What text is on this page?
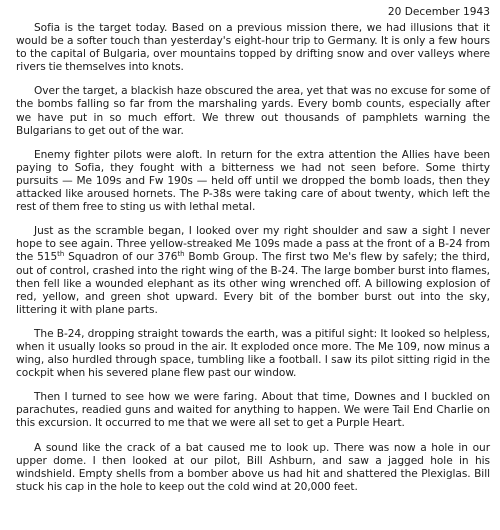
20 December 1943

Sofia is the target today. Based on a previous mission there, we had illusions that it would be a softer touch than yesterday's eight-hour trip to Germany. It is only a few hours to the capital of Bulgaria, over mountains topped by drifting snow and over valleys where rivers tie themselves into knots.

Over the target, a blackish haze obscured the area, yet that was no excuse for some of the bombs falling so far from the marshaling yards. Every bomb counts, especially after we have put in so much effort. We threw out thousands of pamphlets warning the Bulgarians to get out of the war.

Enemy fighter pilots were aloft. In return for the extra attention the Allies have been paying to Sofia, they fought with a bitterness we had not seen before. Some thirty pursuits — Me 109s and Fw 190s — held off until we dropped the bomb loads, then they attacked like aroused hornets. The P-38s were taking care of about twenty, which left the rest of them free to sting us with lethal metal.

Just as the scramble began, I looked over my right shoulder and saw a sight I never hope to see again. Three yellow-streaked Me 109s made a pass at the front of a B-24 from the 515th Squadron of our 376th Bomb Group. The first two Me's flew by safely; the third, out of control, crashed into the right wing of the B-24. The large bomber burst into flames, then fell like a wounded elephant as its other wing wrenched off. A billowing explosion of red, yellow, and green shot upward. Every bit of the bomber burst out into the sky, littering it with plane parts.

The B-24, dropping straight towards the earth, was a pitiful sight: It looked so helpless, when it usually looks so proud in the air. It exploded once more. The Me 109, now minus a wing, also hurdled through space, tumbling like a football. I saw its pilot sitting rigid in the cockpit when his severed plane flew past our window.

Then I turned to see how we were faring. About that time, Downes and I buckled on parachutes, readied guns and waited for anything to happen. We were Tail End Charlie on this excursion. It occurred to me that we were all set to get a Purple Heart.

A sound like the crack of a bat caused me to look up. There was now a hole in our upper dome. I then looked at our pilot, Bill Ashburn, and saw a jagged hole in his windshield. Empty shells from a bomber above us had hit and shattered the Plexiglas. Bill stuck his cap in the hole to keep out the cold wind at 20,000 feet.
